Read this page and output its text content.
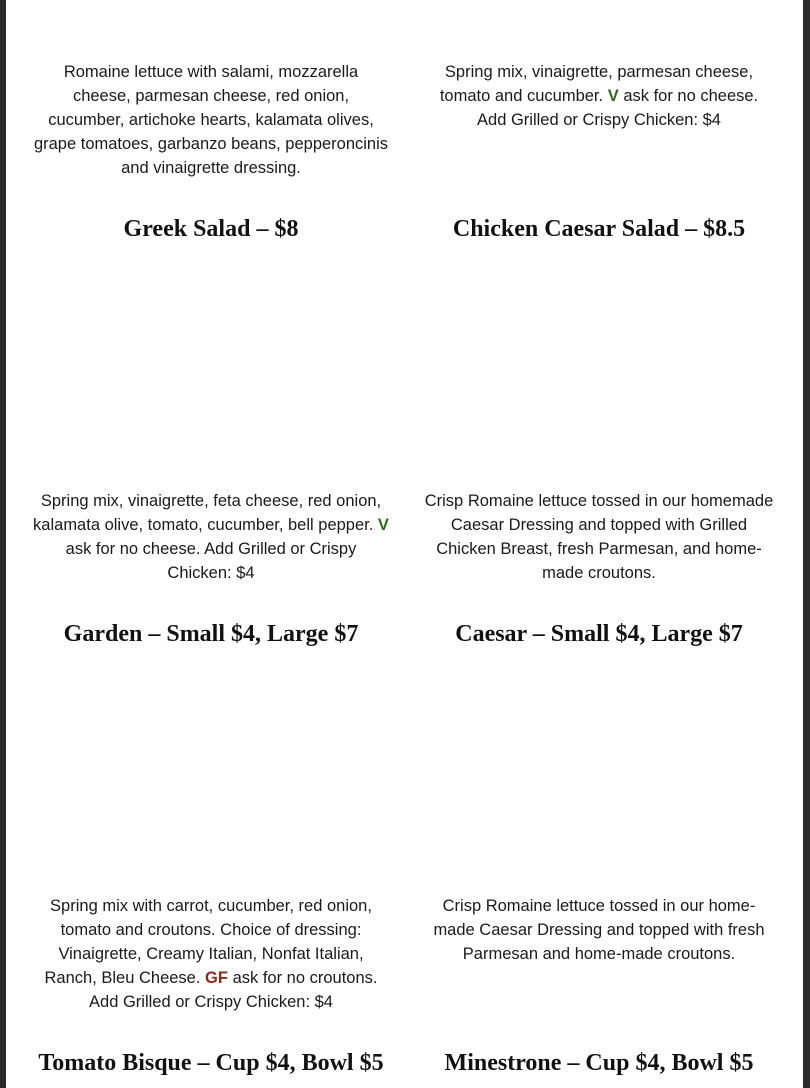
Romaine lettuce with salami, mozzarella cheese, parmesan cheese, red onion, cucumber, artichoke hearts, kalamata olives, grape tomatoes, garbanzo beans, pepperoncinis and vinaigrette dressing.
Greek Salad – $8
Spring mix, vinaigrette, parmesan cheese, tomato and cucumber. V ask for no cheese. Add Grilled or Crispy Chicken: $4
Chicken Caesar Salad – $8.5
Spring mix, vinaigrette, feta cheese, red onion, kalamata olive, tomato, cucumber, bell pepper. V ask for no cheese. Add Grilled or Crispy Chicken: $4
Garden – Small $4, Large $7
Crisp Romaine lettuce tossed in our homemade Caesar Dressing and topped with Grilled Chicken Breast, fresh Parmesan, and home-made croutons.
Caesar – Small $4, Large $7
Spring mix with carrot, cucumber, red onion, tomato and croutons. Choice of dressing: Vinaigrette, Creamy Italian, Nonfat Italian, Ranch, Bleu Cheese. GF ask for no croutons. Add Grilled or Crispy Chicken: $4
Tomato Bisque – Cup $4, Bowl $5
Crisp Romaine lettuce tossed in our home-made Caesar Dressing and topped with fresh Parmesan and home-made croutons.
Minestrone – Cup $4, Bowl $5
